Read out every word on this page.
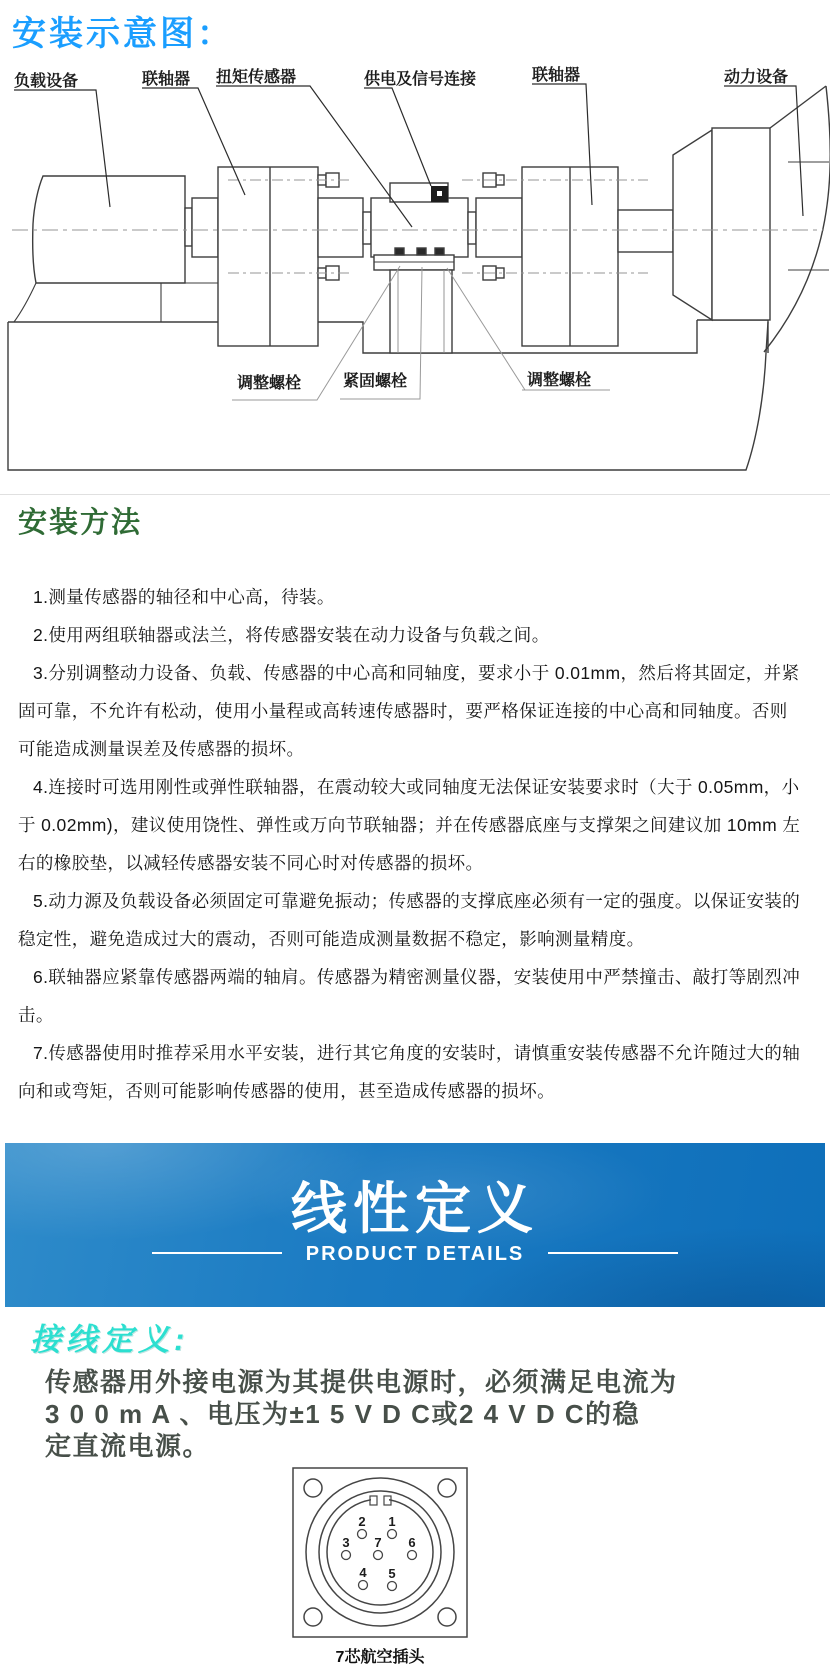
安装示意图：
负载设备	联轴器 扭矩传感器	供电及信号连接	联轴器	动力设备
调整螺栓	紧固螺栓	调整螺栓
安装方法

1.测量传感器的轴径和中心高，待装。

2.使用两组联轴器或法兰，将传感器安装在动力设备与负载之间。

3.分别调整动力设备、负载、传感器的中心高和同轴度，要求小于 0.01mm，然后将其固定，并紧固可靠，不允许有松动，使用小量程或高转速传感器时，要严格保证连接的中心高和同轴度。否则可能造成测量误差及传感器的损坏。

4.连接时可选用刚性或弹性联轴器，在震动较大或同轴度无法保证安装要求时（大于 0.05mm，小于 0.02mm)，建议使用饶性、弹性或万向节联轴器；并在传感器底座与支撑架之间建议加 10mm 左右的橡胶垫，以减轻传感器安装不同心时对传感器的损坏。

5.动力源及负载设备必须固定可靠避免振动；传感器的支撑底座必须有一定的强度。以保证安装的稳定性，避免造成过大的震动，否则可能造成测量数据不稳定，影响测量精度。

6.联轴器应紧靠传感器两端的轴肩。传感器为精密测量仪器，安装使用中严禁撞击、敲打等剧烈冲击。

7.传感器使用时推荐采用水平安装，进行其它角度的安装时，请慎重安装传感器不允许随过大的轴向和或弯矩，否则可能影响传感器的使用，甚至造成传感器的损坏。

线性定义
PRODUCT DETAILS
接线定义:
传感器用外接电源为其提供电源时，必须满足电流为
3 0 0 m A 、电压为±1 5 V D C或2 4 V D C的稳
定直流电源。
1
2
3
4 5
6
7
7芯航空插头
